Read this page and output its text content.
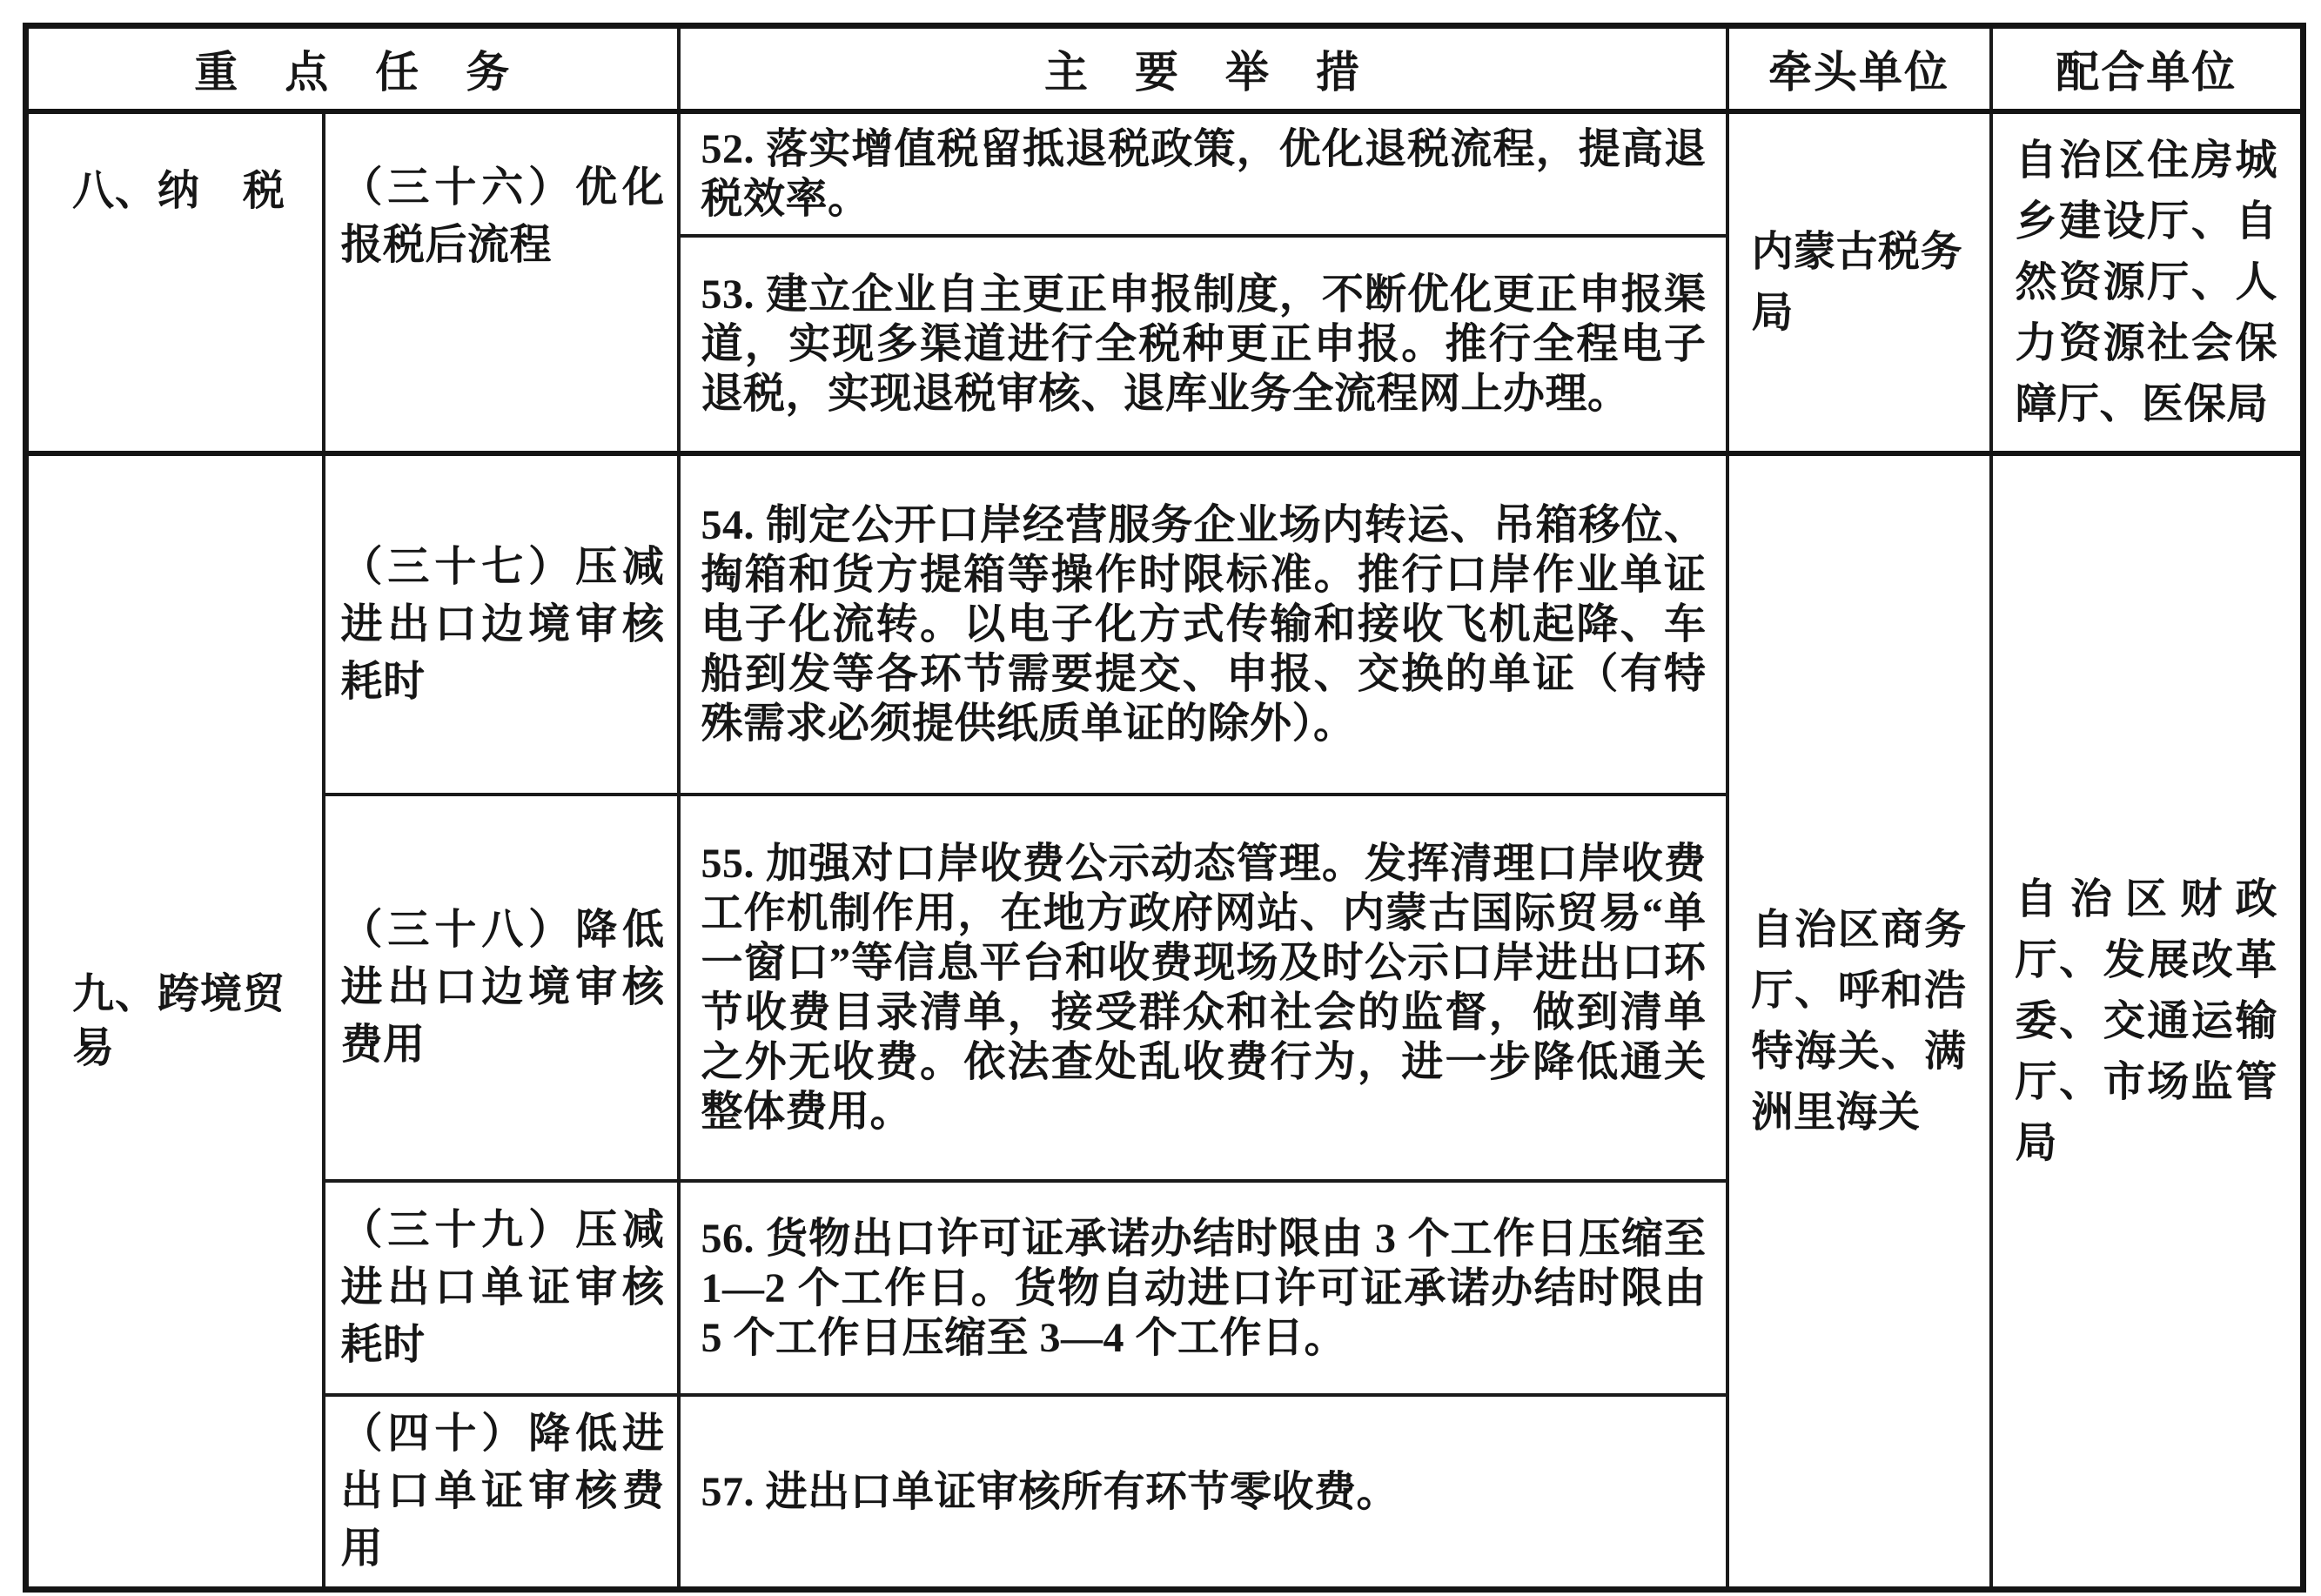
重　点　任　务		主　要　举　措	牵头单位	配合单位
八、纳　税	（三十六）优化报税后流程	52. 落实增值税留抵退税政策，优化退税流程，提高退税效率。	内蒙古税务局	自治区住房城乡建设厅、自然资源厅、人力资源社会保障厅、医保局
		53. 建立企业自主更正申报制度，不断优化更正申报渠道，实现多渠道进行全税种更正申报。推行全程电子退税，实现退税审核、退库业务全流程网上办理。		
九、跨境贸易	（三十七）压减进出口边境审核耗时	54. 制定公开口岸经营服务企业场内转运、吊箱移位、掏箱和货方提箱等操作时限标准。推行口岸作业单证电子化流转。以电子化方式传输和接收飞机起降、车船到发等各环节需要提交、申报、交换的单证（有特殊需求必须提供纸质单证的除外）。	自治区商务厅、呼和浩特海关、满洲里海关	自治区财政厅、发展改革委、交通运输厅、市场监管局
	（三十八）降低进出口边境审核费用	55. 加强对口岸收费公示动态管理。发挥清理口岸收费工作机制作用，在地方政府网站、内蒙古国际贸易“单一窗口”等信息平台和收费现场及时公示口岸进出口环节收费目录清单，接受群众和社会的监督，做到清单之外无收费。依法查处乱收费行为，进一步降低通关整体费用。		
	（三十九）压减进出口单证审核耗时	56. 货物出口许可证承诺办结时限由 3 个工作日压缩至 1—2 个工作日。货物自动进口许可证承诺办结时限由 5 个工作日压缩至 3—4 个工作日。		
	（四十）降低进出口单证审核费用	57. 进出口单证审核所有环节零收费。		
